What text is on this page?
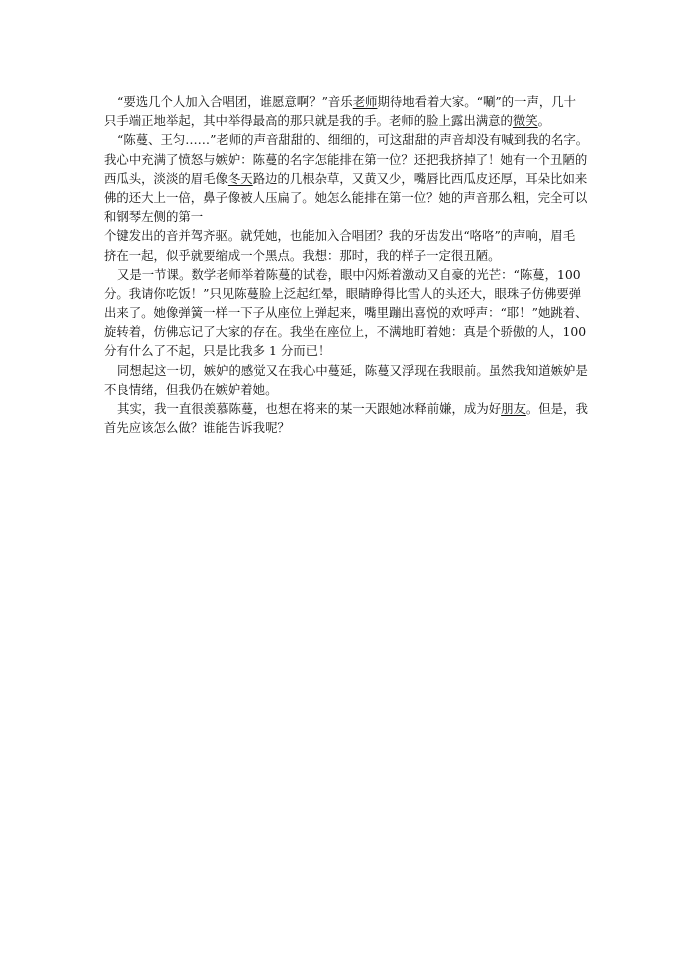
“要选几个人加入合唱团，谁愿意啊？”音乐老师期待地看着大家。“唰”的一声，几十
只手端正地举起，其中举得最高的那只就是我的手。老师的脸上露出满意的微笑。
“陈蔓、王匀……”老师的声音甜甜的、细细的，可这甜甜的声音却没有喊到我的名字。
我心中充满了愤怒与嫉妒：陈蔓的名字怎能排在第一位？还把我挤掉了！她有一个丑陋的
西瓜头，淡淡的眉毛像冬天路边的几根杂草，又黄又少，嘴唇比西瓜皮还厚，耳朵比如来
佛的还大上一倍，鼻子像被人压扁了。她怎么能排在第一位？她的声音那么粗，完全可以
和钢琴左侧的第一
个键发出的音并驾齐驱。就凭她，也能加入合唱团？我的牙齿发出“咯咯”的声响，眉毛
挤在一起，似乎就要缩成一个黑点。我想：那时，我的样子一定很丑陋。
又是一节课。数学老师举着陈蔓的试卷，眼中闪烁着激动又自豪的光芒：“陈蔓，100
分。我请你吃饭！”只见陈蔓脸上泛起红晕，眼睛睁得比雪人的头还大，眼珠子仿佛要弹
出来了。她像弹簧一样一下子从座位上弹起来，嘴里蹦出喜悦的欢呼声：“耶！”她跳着、
旋转着，仿佛忘记了大家的存在。我坐在座位上，不满地盯着她：真是个骄傲的人，100
分有什么了不起，只是比我多 1 分而已！
同想起这一切，嫉妒的感觉又在我心中蔓延，陈蔓又浮现在我眼前。虽然我知道嫉妒是
不良情绪，但我仍在嫉妒着她。
其实，我一直很羡慕陈蔓，也想在将来的某一天跟她冰释前嫌，成为好朋友。但是，我
首先应该怎么做？谁能告诉我呢？
